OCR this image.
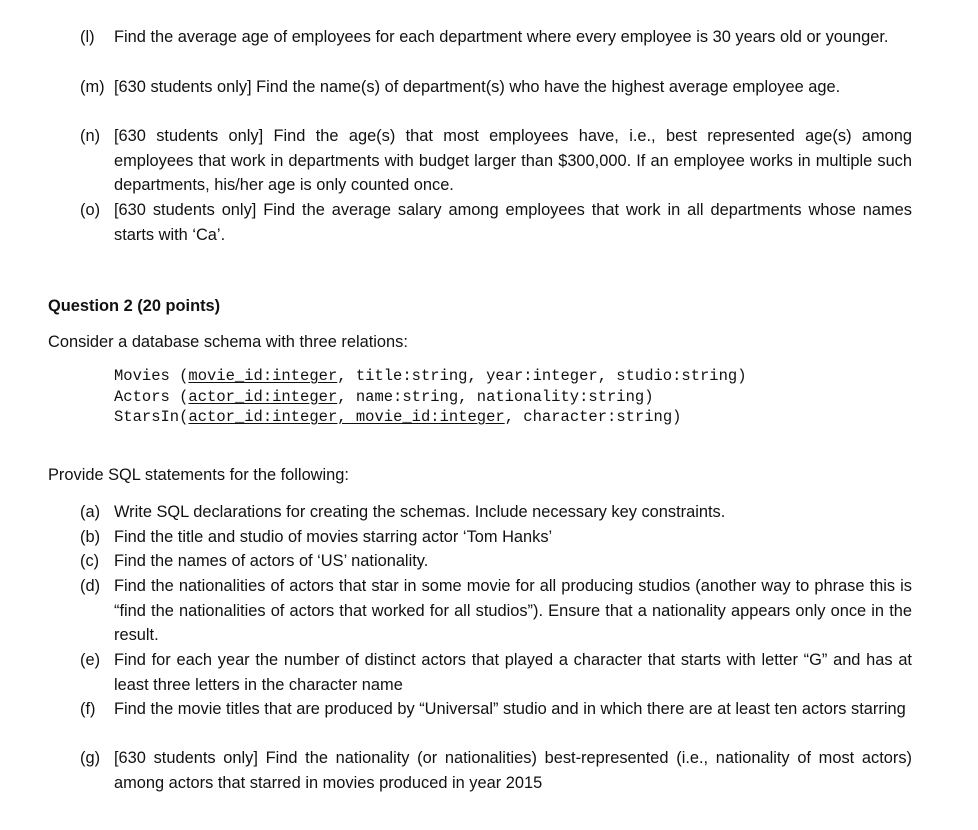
(l)	Find the average age of employees for each department where every employee is 30 years old or younger.
(m) [630 students only] Find the name(s) of department(s) who have the highest average employee age.
(n) [630 students only] Find the age(s) that most employees have, i.e., best represented age(s) among employees that work in departments with budget larger than $300,000. If an employee works in multiple such departments, his/her age is only counted once.
(o) [630 students only] Find the average salary among employees that work in all departments whose names starts with ‘Ca’.
Question 2 (20 points)
Consider a database schema with three relations:
Movies (movie_id:integer, title:string, year:integer, studio:string)
Actors (actor_id:integer, name:string, nationality:string)
StarsIn(actor_id:integer, movie_id:integer, character:string)
Provide SQL statements for the following:
(a) Write SQL declarations for creating the schemas. Include necessary key constraints.
(b) Find the title and studio of movies starring actor ‘Tom Hanks’
(c) Find the names of actors of ‘US’ nationality.
(d) Find the nationalities of actors that star in some movie for all producing studios (another way to phrase this is “find the nationalities of actors that worked for all studios”). Ensure that a nationality appears only once in the result.
(e) Find for each year the number of distinct actors that played a character that starts with letter “G” and has at least three letters in the character name
(f)	Find the movie titles that are produced by “Universal” studio and in which there are at least ten actors starring
(g) [630 students only] Find the nationality (or nationalities) best-represented (i.e., nationality of most actors) among actors that starred in movies produced in year 2015
